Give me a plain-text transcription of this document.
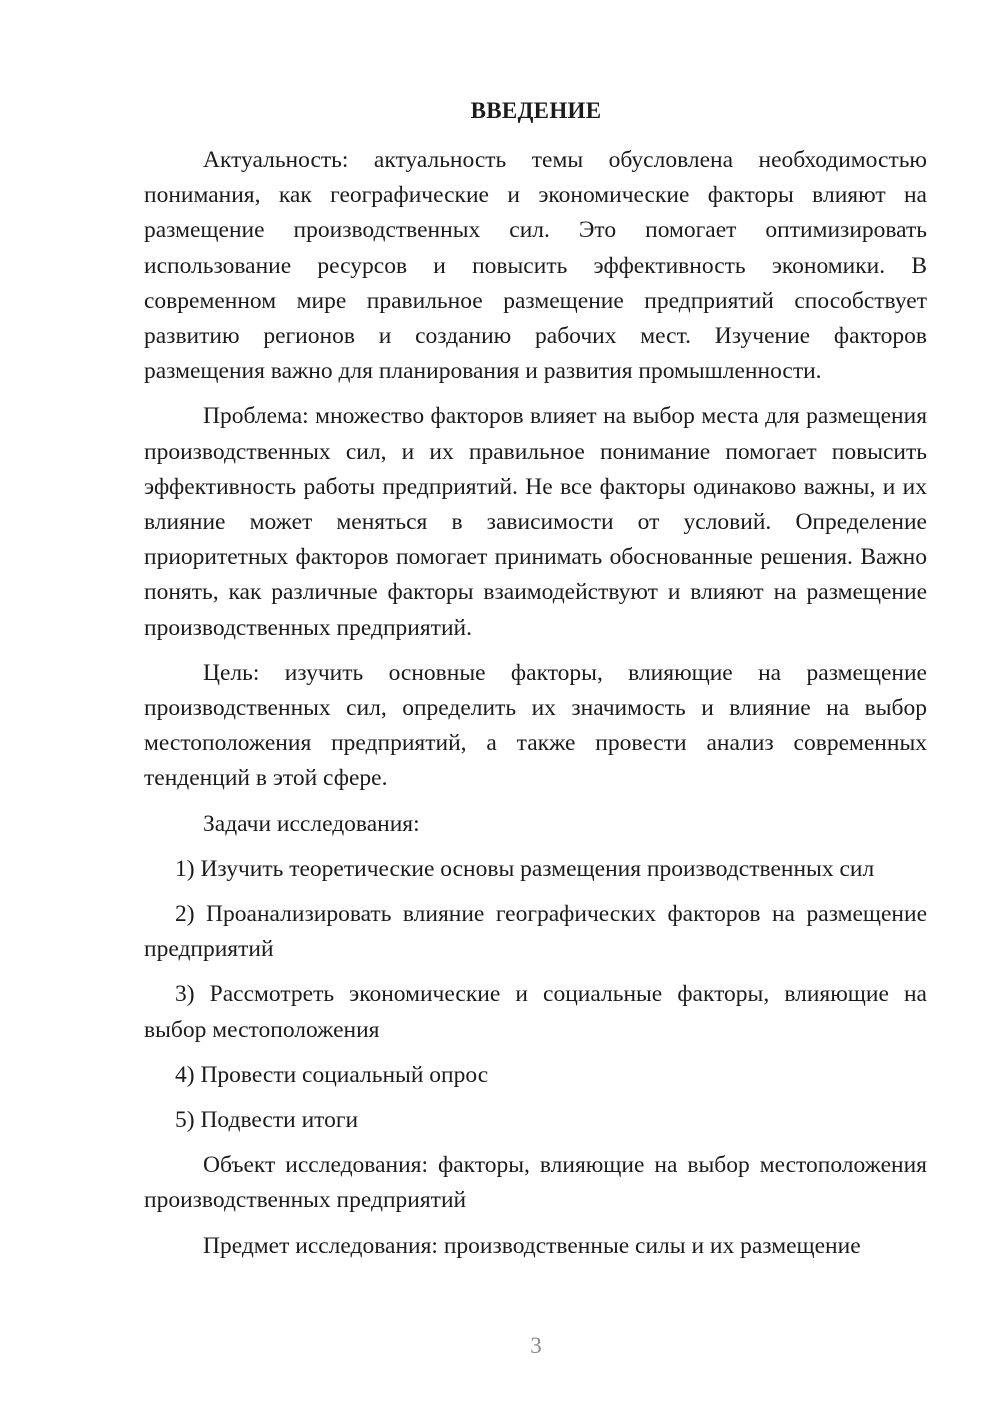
ВВЕДЕНИЕ

Актуальность: актуальность темы обусловлена необходимостью понимания, как географические и экономические факторы влияют на размещение производственных сил. Это помогает оптимизировать использование ресурсов и повысить эффективность экономики. В современном мире правильное размещение предприятий способствует развитию регионов и созданию рабочих мест. Изучение факторов размещения важно для планирования и развития промышленности.

Проблема: множество факторов влияет на выбор места для размещения производственных сил, и их правильное понимание помогает повысить эффективность работы предприятий. Не все факторы одинаково важны, и их влияние может меняться в зависимости от условий. Определение приоритетных факторов помогает принимать обоснованные решения. Важно понять, как различные факторы взаимодействуют и влияют на размещение производственных предприятий.

Цель: изучить основные факторы, влияющие на размещение производственных сил, определить их значимость и влияние на выбор местоположения предприятий, а также провести анализ современных тенденций в этой сфере.

Задачи исследования:

1) Изучить теоретические основы размещения производственных сил

2) Проанализировать влияние географических факторов на размещение предприятий

3) Рассмотреть экономические и социальные факторы, влияющие на выбор местоположения

4) Провести социальный опрос

5) Подвести итоги

Объект исследования: факторы, влияющие на выбор местоположения производственных предприятий

Предмет исследования: производственные силы и их размещение

3
